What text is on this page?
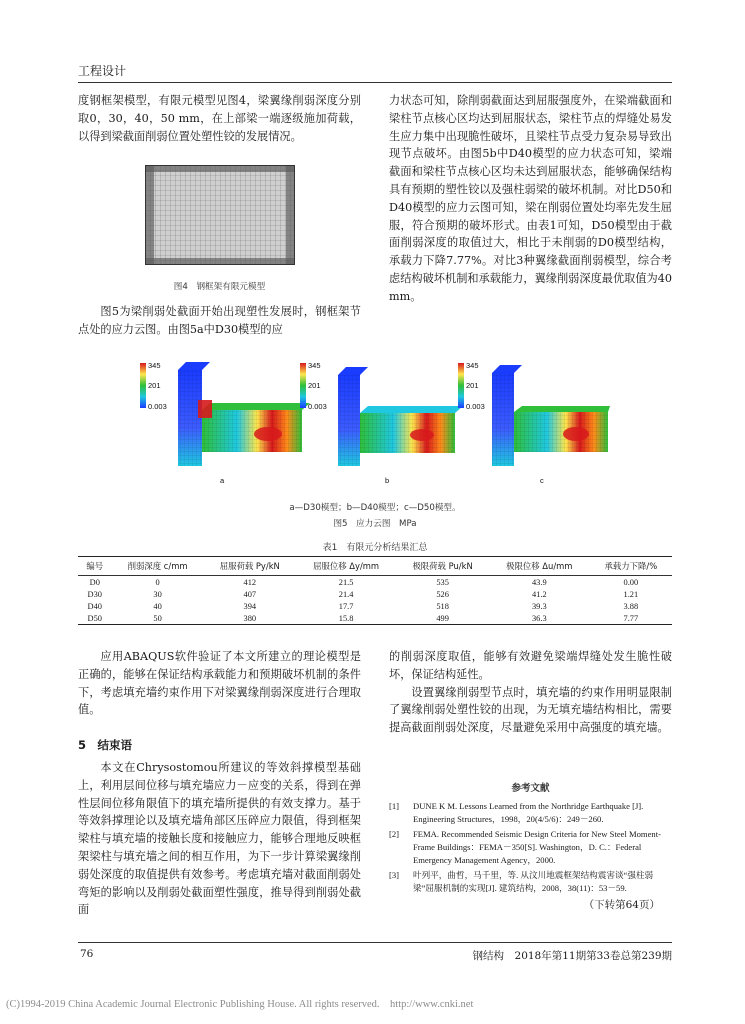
工程设计

度钢框架模型，有限元模型见图4，梁翼缘削弱深度分别取0，30，40，50 mm，在上部梁一端逐级施加荷载，以得到梁截面削弱位置处塑性铰的发展情况。

图4　钢框架有限元模型

图5为梁削弱处截面开始出现塑性发展时，钢框架节点处的应力云图。由图5a中D30模型的应

力状态可知，除削弱截面达到屈服强度外，在梁端截面和梁柱节点核心区均达到屈服状态，梁柱节点的焊缝处易发生应力集中出现脆性破坏，且梁柱节点受力复杂易导致出现节点破坏。由图5b中D40模型的应力状态可知，梁端截面和梁柱节点核心区均未达到屈服状态，能够确保结构具有预期的塑性铰以及强柱弱梁的破坏机制。对比D50和D40模型的应力云图可知，梁在削弱位置处均率先发生屈服，符合预期的破坏形式。由表1可知，D50模型由于截面削弱深度的取值过大，相比于未削弱的D0模型结构，承载力下降7.77%。对比3种翼缘截面削弱模型，综合考虑结构破坏机制和承载能力，翼缘削弱深度最优取值为40 mm。

345
201
0.003
a
345
201
0.003
b
345
201
0.003
c
a—D30模型；b—D40模型；c—D50模型。
图5　应力云图　MPa
表1　有限元分析结果汇总
编号	削弱深度 c/mm	屈服荷载 Py/kN	屈服位移 Δy/mm	极限荷载 Pu/kN	极限位移 Δu/mm	承载力下降/%
D0	0	412	21.5	535	43.9	0.00
D30	30	407	21.4	526	41.2	1.21
D40	40	394	17.7	518	39.3	3.88
D50	50	380	15.8	499	36.3	7.77

应用ABAQUS软件验证了本文所建立的理论模型是正确的，能够在保证结构承载能力和预期破坏机制的条件下，考虑填充墙约束作用下对梁翼缘削弱深度进行合理取值。

5　结束语

本文在Chrysostomou所建议的等效斜撑模型基础上，利用层间位移与填充墙应力－应变的关系，得到在弹性层间位移角限值下的填充墙所提供的有效支撑力。基于等效斜撑理论以及填充墙角部区压碎应力限值，得到框架梁柱与填充墙的接触长度和接触应力，能够合理地反映框架梁柱与填充墙之间的相互作用，为下一步计算梁翼缘削弱处深度的取值提供有效参考。考虑填充墙对截面削弱处弯矩的影响以及削弱处截面塑性强度，推导得到削弱处截面

的削弱深度取值，能够有效避免梁端焊缝处发生脆性破坏，保证结构延性。

设置翼缘削弱型节点时，填充墙的约束作用明显限制了翼缘削弱处塑性铰的出现，为无填充墙结构相比，需要提高截面削弱处深度，尽量避免采用中高强度的填充墙。

参考文献
[1]	DUNE K M. Lessons Learned from the Northridge Earthquake [J]. Engineering Structures，1998，20(4/5/6)：249－260.
[2]	FEMA. Recommended Seismic Design Criteria for New Steel Moment-Frame Buildings：FEMA－350[S]. Washington，D. C.：Federal Emergency Management Agency，2000.
[3]	叶列平，曲哲，马千里，等. 从汶川地震框架结构震害谈“强柱弱梁”屈服机制的实现[J]. 建筑结构，2008，38(11)：53－59.
（下转第64页）
76	钢结构　2018年第11期第33卷总第239期
(C)1994-2019 China Academic Journal Electronic Publishing House. All rights reserved.　http://www.cnki.net
